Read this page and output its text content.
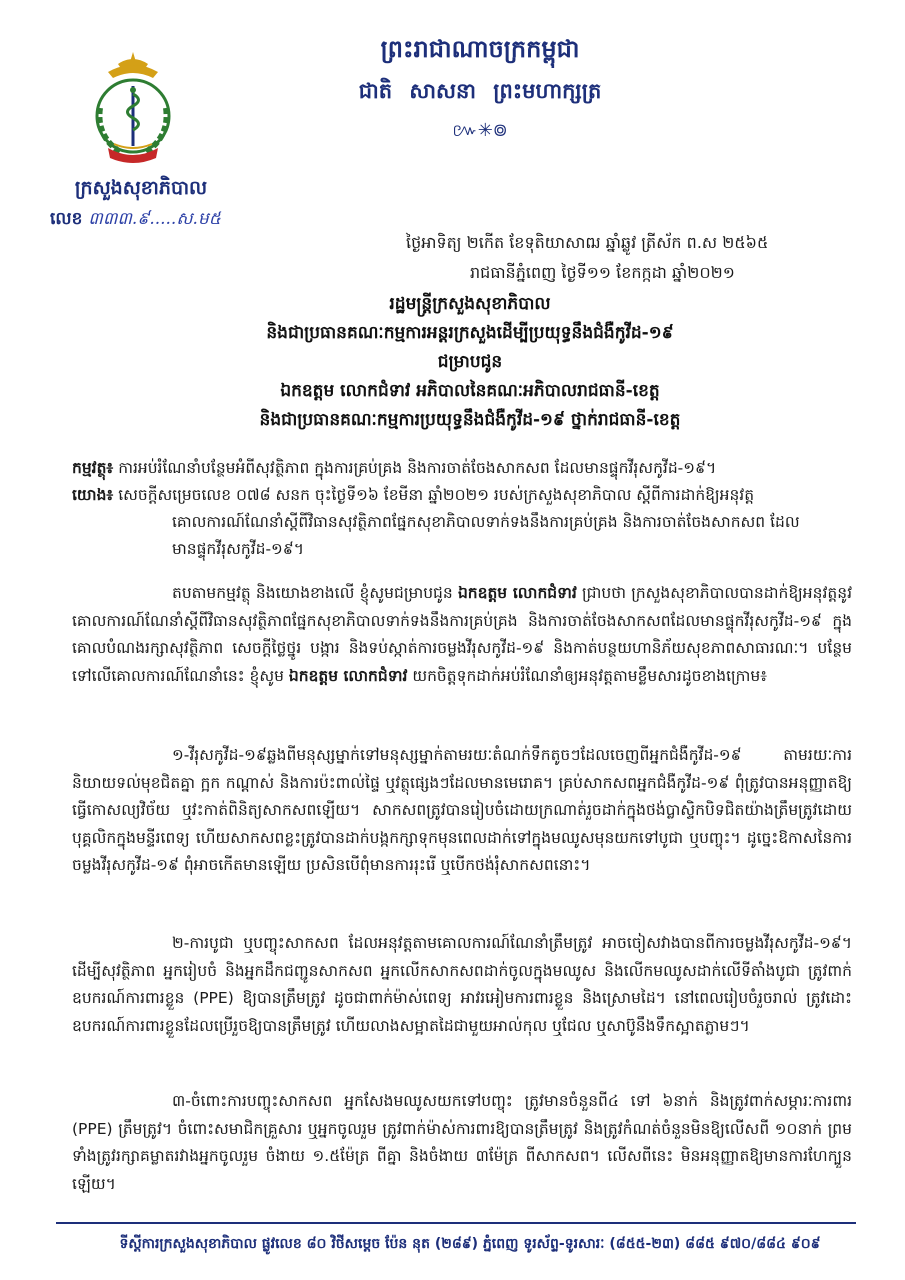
ក្រសួងសុខាភិបាល
លេខ ៣៣៣.៩.....ស.ម៥
ព្រះរាជាណាចក្រកម្ពុជា
ជាតិ សាសនា ព្រះមហាក្សត្រ
៚✳៙
ថ្ងៃអាទិត្យ ២កើត ខែទុតិយាសាឍ ឆ្នាំឆ្លូវ ត្រីស័ក ព.ស ២៥៦៥
រាជធានីភ្នំពេញ ថ្ងៃទី១១ ខែកក្កដា ឆ្នាំ២០២១
រដ្ឋមន្ត្រីក្រសួងសុខាភិបាល
និងជាប្រធានគណៈកម្មការអន្តរក្រសួងដើម្បីប្រយុទ្ធនឹងជំងឺកូវីដ-១៩
ជម្រាបជូន
ឯកឧត្តម លោកជំទាវ អភិបាលនៃគណៈអភិបាលរាជធានី-ខេត្ត
និងជាប្រធានគណៈកម្មការប្រយុទ្ធនឹងជំងឺកូវីដ-១៩ ថ្នាក់រាជធានី-ខេត្ត
កម្មវត្ថុ៖ ការអប់រំណែនាំបន្ថែមអំពីសុវត្ថិភាព ក្នុងការគ្រប់គ្រង និងការចាត់ចែងសាកសព ដែលមានផ្ទុកវីរុសកូវីដ-១៩។
យោង៖ សេចក្តីសម្រេចលេខ ០៧៨ សនក ចុះថ្ងៃទី១៦ ខែមីនា ឆ្នាំ២០២១ របស់ក្រសួងសុខាភិបាល ស្តីពីការដាក់ឱ្យអនុវត្ត
គោលការណ៍ណែនាំស្តីពីវិធានសុវត្ថិភាពផ្នែកសុខាភិបាលទាក់ទងនឹងការគ្រប់គ្រង និងការចាត់ចែងសាកសព ដែល
មានផ្ទុកវីរុសកូវីដ-១៩។
តបតាមកម្មវត្ថុ និងយោងខាងលើ ខ្ញុំសូមជម្រាបជូន ឯកឧត្តម លោកជំទាវ ជ្រាបថា ក្រសួងសុខាភិបាលបានដាក់ឱ្យអនុវត្តនូវគោលការណ៍ណែនាំស្តីពីវិធានសុវត្ថិភាពផ្នែកសុខាភិបាលទាក់ទងនឹងការគ្រប់គ្រង និងការចាត់ចែងសាកសពដែលមានផ្ទុកវីរុសកូវីដ-១៩ ក្នុងគោលបំណងរក្សាសុវត្ថិភាព សេចក្តីថ្លៃថ្នូរ បង្ការ និងទប់ស្កាត់ការចម្លងវីរុសកូវីដ-១៩ និងកាត់បន្ថយហានិភ័យសុខភាពសាធារណៈ។ បន្ថែមទៅលើគោលការណ៍ណែនាំនេះ ខ្ញុំសូម ឯកឧត្តម លោកជំទាវ យកចិត្តទុកដាក់អប់រំណែនាំឲ្យអនុវត្តតាមខ្លឹមសារដូចខាងក្រោម៖
១-វីរុសកូវីដ-១៩ឆ្លងពីមនុស្សម្នាក់ទៅមនុស្សម្នាក់តាមរយៈតំណក់ទឹកតូចៗដែលចេញពីអ្នកជំងឺកូវីដ-១៩ តាមរយៈការនិយាយទល់មុខជិតគ្នា ក្អក កណ្តាស់ និងការប៉ះពាល់ផ្ទៃ ឬវត្ថុផ្សេងៗដែលមានមេរោគ។ គ្រប់សាកសពអ្នកជំងឺកូវីដ-១៩ ពុំត្រូវបានអនុញ្ញាតឱ្យធ្វើកោសល្យវិច័យ ឬវះកាត់ពិនិត្យសាកសពឡើយ។ សាកសពត្រូវបានរៀបចំដោយក្រណាត់រួចដាក់ក្នុងថង់ប្លាស្ទិកបិទជិតយ៉ាងត្រឹមត្រូវដោយបុគ្គលិកក្នុងមន្ទីរពេទ្យ ហើយសាកសពខ្លះត្រូវបានដាក់បង្កកក្សាទុកមុនពេលដាក់ទៅក្នុងមឈូសមុនយកទៅបូជា ឬបញ្ចុះ។ ដូច្នេះឱកាសនៃការចម្លងវីរុសកូវីដ-១៩ ពុំអាចកើតមានឡើយ ប្រសិនបើពុំមានការរុះរើ ឬបើកថង់រុំសាកសពនោះ។
២-ការបូជា ឬបញ្ចុះសាកសព ដែលអនុវត្តតាមគោលការណ៍ណែនាំត្រឹមត្រូវ អាចចៀសវាងបានពីការចម្លងវីរុសកូវីដ-១៩។ ដើម្បីសុវត្ថិភាព អ្នករៀបចំ និងអ្នកដឹកជញ្ជូនសាកសព អ្នកលើកសាកសពដាក់ចូលក្នុងមឈូស និងលើកមឈូសដាក់លើទីតាំងបូជា ត្រូវពាក់ឧបករណ៍ការពារខ្លួន (PPE) ឱ្យបានត្រឹមត្រូវ ដូចជាពាក់ម៉ាស់ពេទ្យ អាវរអៀមការពារខ្លួន និងស្រោមដៃ។ នៅពេលរៀបចំរួចរាល់ ត្រូវដោះឧបករណ៍ការពារខ្លួនដែលប្រើរួចឱ្យបានត្រឹមត្រូវ ហើយលាងសម្អាតដៃជាមួយអាល់កុល ឬជែល ឬសាប៊ូនឹងទឹកស្អាតភ្លាមៗ។
៣-ចំពោះការបញ្ចុះសាកសព អ្នកសែងមឈូសយកទៅបញ្ចុះ ត្រូវមានចំនួនពី៤ ទៅ ៦នាក់ និងត្រូវពាក់សម្ភារៈការពារ (PPE) ត្រឹមត្រូវ។ ចំពោះសមាជិកគ្រួសារ ឬអ្នកចូលរួម ត្រូវពាក់ម៉ាស់ការពារឱ្យបានត្រឹមត្រូវ និងត្រូវកំណត់ចំនួនមិនឱ្យលើសពី ១០នាក់ ព្រមទាំងត្រូវរក្សាគម្លាតរវាងអ្នកចូលរួម ចំងាយ ១.៥ម៉ែត្រ ពីគ្នា និងចំងាយ ៣ម៉ែត្រ ពីសាកសព។ លើសពីនេះ មិនអនុញ្ញាតឱ្យមានការហែក្បួនឡើយ។
ទីស្តីការក្រសួងសុខាភិបាល ផ្លូវលេខ ៨០ វិថីសម្តេច ប៉ែន នុត (២៨៩) ភ្នំពេញ ទូរស័ព្ទ-ទូរសារៈ (៨៥៥-២៣) ៨៨៥ ៩៧០/៨៨៤ ៩០៩
